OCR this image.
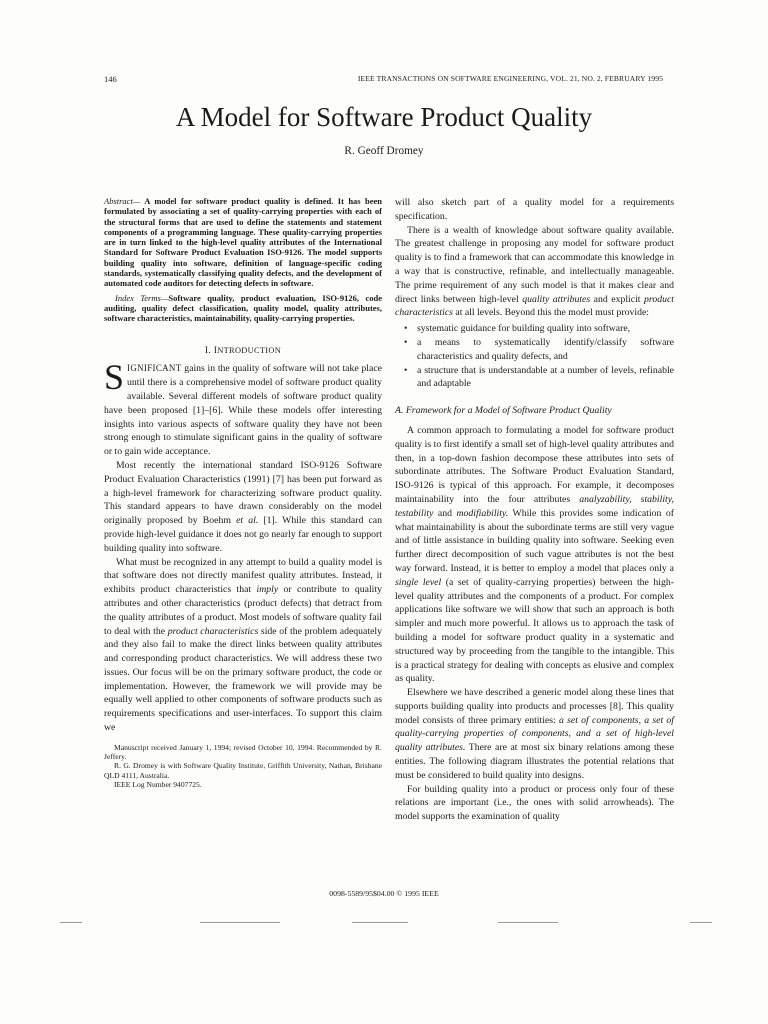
146	IEEE TRANSACTIONS ON SOFTWARE ENGINEERING, VOL. 21, NO. 2, FEBRUARY 1995
A Model for Software Product Quality
R. Geoff Dromey

Abstract— A model for software product quality is defined. It has been formulated by associating a set of quality-carrying properties with each of the structural forms that are used to define the statements and statement components of a programming language. These quality-carrying properties are in turn linked to the high-level quality attributes of the International Standard for Software Product Evaluation ISO-9126. The model supports building quality into software, definition of language-specific coding standards, systematically classifying quality defects, and the development of automated code auditors for detecting defects in software.

Index Terms—Software quality, product evaluation, ISO-9126, code auditing, quality defect classification, quality model, quality attributes, software characteristics, maintainability, quality-carrying properties.

I. INTRODUCTION

SIGNIFICANT gains in the quality of software will not take place until there is a comprehensive model of software product quality available. Several different models of software product quality have been proposed [1]–[6]. While these models offer interesting insights into various aspects of software quality they have not been strong enough to stimulate significant gains in the quality of software or to gain wide acceptance.

Most recently the international standard ISO-9126 Software Product Evaluation Characteristics (1991) [7] has been put forward as a high-level framework for characterizing software product quality. This standard appears to have drawn considerably on the model originally proposed by Boehm et al. [1]. While this standard can provide high-level guidance it does not go nearly far enough to support building quality into software.

What must be recognized in any attempt to build a quality model is that software does not directly manifest quality attributes. Instead, it exhibits product characteristics that imply or contribute to quality attributes and other characteristics (product defects) that detract from the quality attributes of a product. Most models of software quality fail to deal with the product characteristics side of the problem adequately and they also fail to make the direct links between quality attributes and corresponding product characteristics. We will address these two issues. Our focus will be on the primary software product, the code or implementation. However, the framework we will provide may be equally well applied to other components of software products such as requirements specifications and user-interfaces. To support this claim we

Manuscript received January 1, 1994; revised October 10, 1994. Recommended by R. Jeffery.

R. G. Dromey is with Software Quality Institute, Griffith University, Nathan, Brisbane QLD 4111, Australia.

IEEE Log Number 9407725.

will also sketch part of a quality model for a requirements specification.

There is a wealth of knowledge about software quality available. The greatest challenge in proposing any model for software product quality is to find a framework that can accommodate this knowledge in a way that is constructive, refinable, and intellectually manageable. The prime requirement of any such model is that it makes clear and direct links between high-level quality attributes and explicit product characteristics at all levels. Beyond this the model must provide:

• systematic guidance for building quality into software,
• a means to systematically identify/classify software characteristics and quality defects, and
• a structure that is understandable at a number of levels, refinable and adaptable
A. Framework for a Model of Software Product Quality

A common approach to formulating a model for software product quality is to first identify a small set of high-level quality attributes and then, in a top-down fashion decompose these attributes into sets of subordinate attributes. The Software Product Evaluation Standard, ISO-9126 is typical of this approach. For example, it decomposes maintainability into the four attributes analyzability, stability, testability and modifiability. While this provides some indication of what maintainability is about the subordinate terms are still very vague and of little assistance in building quality into software. Seeking even further direct decomposition of such vague attributes is not the best way forward. Instead, it is better to employ a model that places only a single level (a set of quality-carrying properties) between the high-level quality attributes and the components of a product. For complex applications like software we will show that such an approach is both simpler and much more powerful. It allows us to approach the task of building a model for software product quality in a systematic and structured way by proceeding from the tangible to the intangible. This is a practical strategy for dealing with concepts as elusive and complex as quality.

Elsewhere we have described a generic model along these lines that supports building quality into products and processes [8]. This quality model consists of three primary entities: a set of components, a set of quality-carrying properties of components, and a set of high-level quality attributes. There are at most six binary relations among these entities. The following diagram illustrates the potential relations that must be considered to build quality into designs.

For building quality into a product or process only four of these relations are important (i.e., the ones with solid arrowheads). The model supports the examination of quality

0098-5589/95$04.00 © 1995 IEEE
